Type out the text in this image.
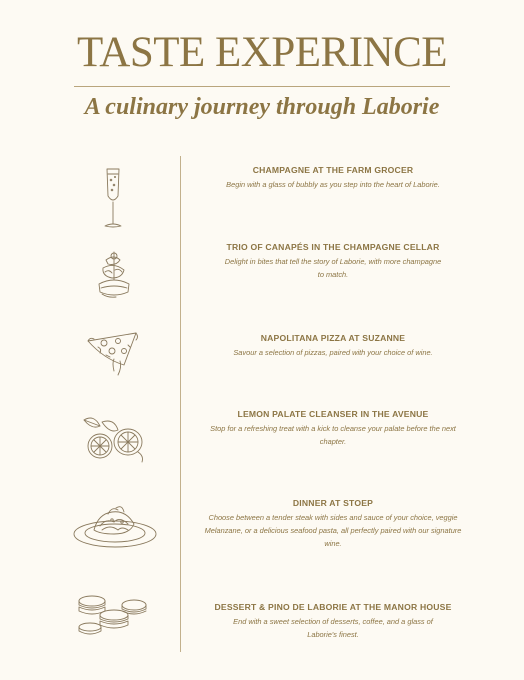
TASTE EXPERINCE
A culinary journey through Laborie
CHAMPAGNE AT THE FARM GROCER
Begin with a glass of bubbly as you step into the heart of Laborie.
TRIO OF CANAPÉS IN THE CHAMPAGNE CELLAR
Delight in bites that tell the story of Laborie, with more champagne to match.
NAPOLITANA PIZZA AT SUZANNE
Savour a selection of pizzas, paired with your choice of wine.
LEMON PALATE CLEANSER IN THE AVENUE
Stop for a refreshing treat with a kick to cleanse your palate before the next chapter.
DINNER AT STOEP
Choose between a tender steak with sides and sauce of your choice, veggie Melanzane, or a delicious seafood pasta, all perfectly paired with our signature wine.
DESSERT & PINO DE LABORIE AT THE MANOR HOUSE
End with a sweet selection of desserts, coffee, and a glass of Laborie's finest.
